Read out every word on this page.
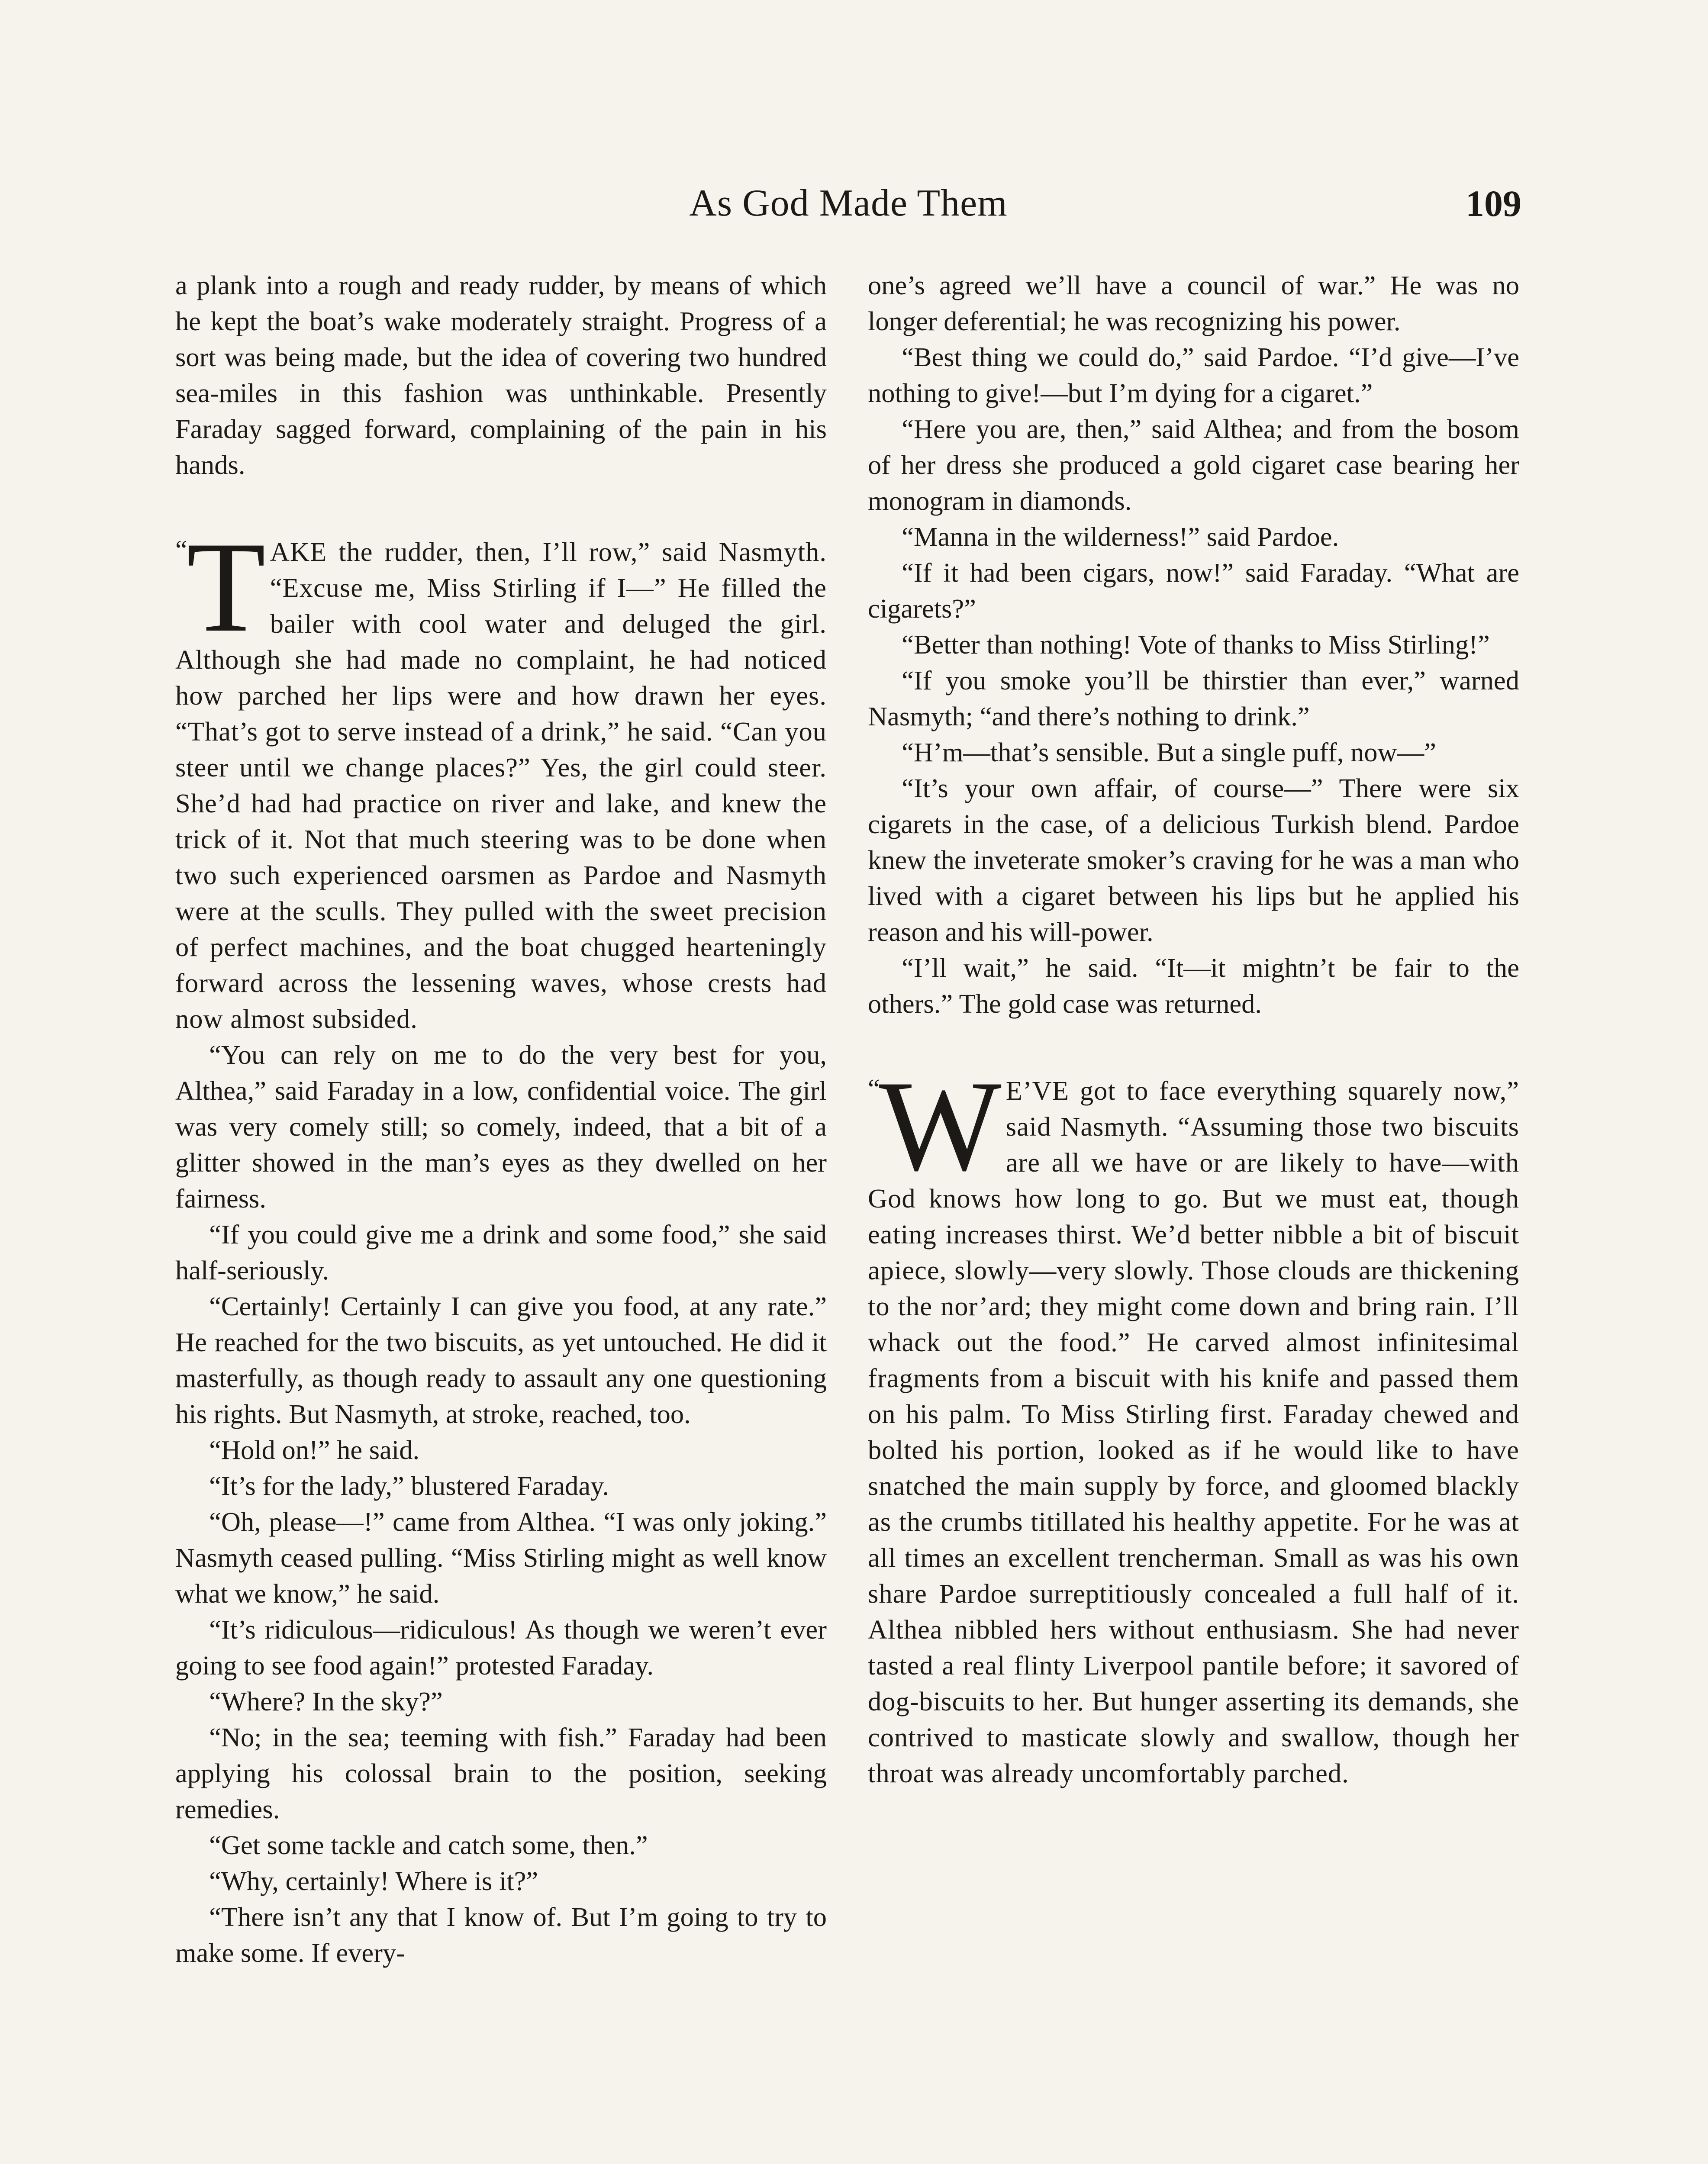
As God Made Them	109

a plank into a rough and ready rudder, by means of which he kept the boat’s wake moderately straight. Progress of a sort was being made, but the idea of covering two hundred sea-miles in this fashion was unthinkable. Presently Faraday sagged forward, complaining of the pain in his hands.

“
T AKE the rudder, then, I’ll row,” said Nasmyth. “Excuse me, Miss Stirling if I—” He filled the bailer with cool water and deluged the girl. Although she had made no complaint, he had noticed how parched her lips were and how drawn her eyes. “That’s got to serve instead of a drink,” he said. “Can you steer until we change places?” Yes, the girl could steer. She’d had had practice on river and lake, and knew the trick of it. Not that much steering was to be done when two such experienced oarsmen as Pardoe and Nasmyth were at the sculls. They pulled with the sweet precision of perfect machines, and the boat chugged hearteningly forward across the lessening waves, whose crests had now almost subsided.

“You can rely on me to do the very best for you, Althea,” said Faraday in a low, confidential voice. The girl was very comely still; so comely, indeed, that a bit of a glitter showed in the man’s eyes as they dwelled on her fairness.

“If you could give me a drink and some food,” she said half-seriously.

“Certainly! Certainly I can give you food, at any rate.” He reached for the two biscuits, as yet untouched. He did it masterfully, as though ready to assault any one questioning his rights. But Nasmyth, at stroke, reached, too.

“Hold on!” he said.

“It’s for the lady,” blustered Faraday.

“Oh, please—!” came from Althea. “I was only joking.” Nasmyth ceased pulling. “Miss Stirling might as well know what we know,” he said.

“It’s ridiculous—ridiculous! As though we weren’t ever going to see food again!” protested Faraday.

“Where? In the sky?”

“No; in the sea; teeming with fish.” Faraday had been applying his colossal brain to the position, seeking remedies.

“Get some tackle and catch some, then.”

“Why, certainly! Where is it?”

“There isn’t any that I know of. But I’m going to try to make some. If every-

one’s agreed we’ll have a council of war.” He was no longer deferential; he was recognizing his power.

“Best thing we could do,” said Pardoe. “I’d give—I’ve nothing to give!—but I’m dying for a cigaret.”

“Here you are, then,” said Althea; and from the bosom of her dress she produced a gold cigaret case bearing her monogram in diamonds.

“Manna in the wilderness!” said Pardoe.

“If it had been cigars, now!” said Faraday. “What are cigarets?”

“Better than nothing! Vote of thanks to Miss Stirling!”

“If you smoke you’ll be thirstier than ever,” warned Nasmyth; “and there’s nothing to drink.”

“H’m—that’s sensible. But a single puff, now—”

“It’s your own affair, of course—” There were six cigarets in the case, of a delicious Turkish blend. Pardoe knew the inveterate smoker’s craving for he was a man who lived with a cigaret between his lips but he applied his reason and his will-power.

“I’ll wait,” he said. “It—it mightn’t be fair to the others.” The gold case was returned.

“
W E’VE got to face everything squarely now,” said Nasmyth. “Assuming those two biscuits are all we have or are likely to have—with God knows how long to go. But we must eat, though eating increases thirst. We’d better nibble a bit of biscuit apiece, slowly—very slowly. Those clouds are thickening to the nor’ard; they might come down and bring rain. I’ll whack out the food.” He carved almost infinitesimal fragments from a biscuit with his knife and passed them on his palm. To Miss Stirling first. Faraday chewed and bolted his portion, looked as if he would like to have snatched the main supply by force, and gloomed blackly as the crumbs titillated his healthy appetite. For he was at all times an excellent trencherman. Small as was his own share Pardoe surreptitiously concealed a full half of it. Althea nibbled hers without enthusiasm. She had never tasted a real flinty Liverpool pantile before; it savored of dog-biscuits to her. But hunger asserting its demands, she contrived to masticate slowly and swallow, though her throat was already uncomfortably parched.
